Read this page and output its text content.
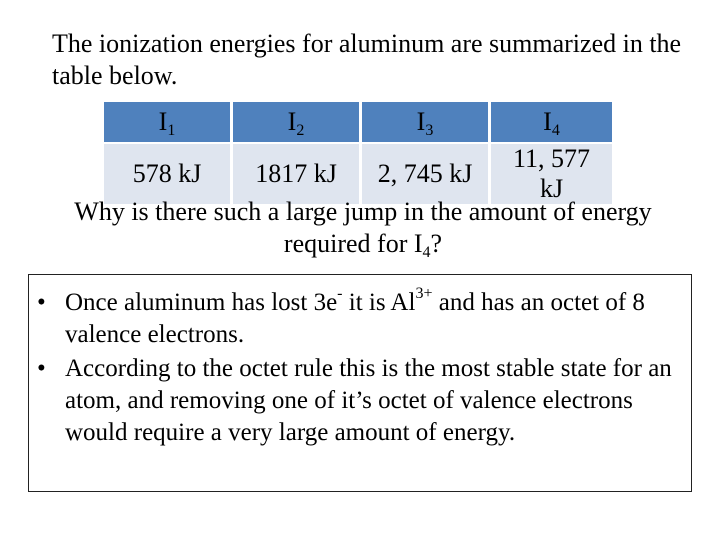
The ionization energies for aluminum are summarized in the table below.
$I_1$	$I_2$	$I_3$	$I_4$
578 kJ	1817 kJ	2, 745 kJ	11, 577 kJ
Why is there such a large jump in the amount of energy
required for $I_4$?
• Once aluminum has lost 3e- it is $Al^{3+}$ and has an octet of 8 valence electrons.
• According to the octet rule this is the most stable state for an atom, and removing one of it’s octet of valence electrons would require a very large amount of energy.
